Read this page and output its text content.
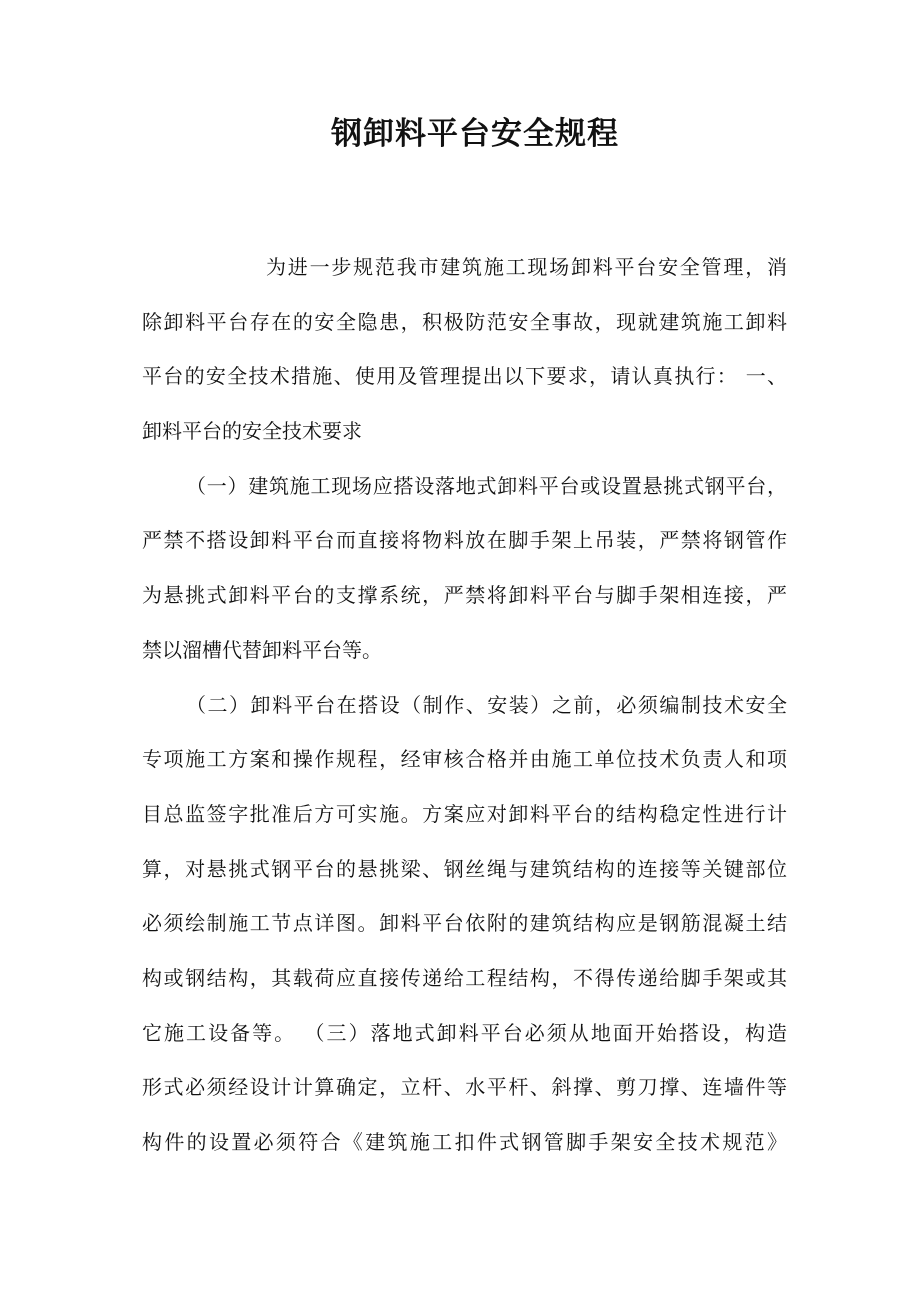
钢卸料平台安全规程
为进一步规范我市建筑施工现场卸料平台安全管理，消
除卸料平台存在的安全隐患，积极防范安全事故，现就建筑施工卸料
平台的安全技术措施、使用及管理提出以下要求，请认真执行： 一、
卸料平台的安全技术要求
（一）建筑施工现场应搭设落地式卸料平台或设置悬挑式钢平台，
严禁不搭设卸料平台而直接将物料放在脚手架上吊装，严禁将钢管作
为悬挑式卸料平台的支撑系统，严禁将卸料平台与脚手架相连接，严
禁以溜槽代替卸料平台等。
（二）卸料平台在搭设（制作、安装）之前，必须编制技术安全
专项施工方案和操作规程，经审核合格并由施工单位技术负责人和项
目总监签字批准后方可实施。方案应对卸料平台的结构稳定性进行计
算，对悬挑式钢平台的悬挑梁、钢丝绳与建筑结构的连接等关键部位
必须绘制施工节点详图。卸料平台依附的建筑结构应是钢筋混凝土结
构或钢结构，其载荷应直接传递给工程结构，不得传递给脚手架或其
它施工设备等。 （三）落地式卸料平台必须从地面开始搭设，构造
形式必须经设计计算确定，立杆、水平杆、斜撑、剪刀撑、连墙件等
构件的设置必须符合《建筑施工扣件式钢管脚手架安全技术规范》
